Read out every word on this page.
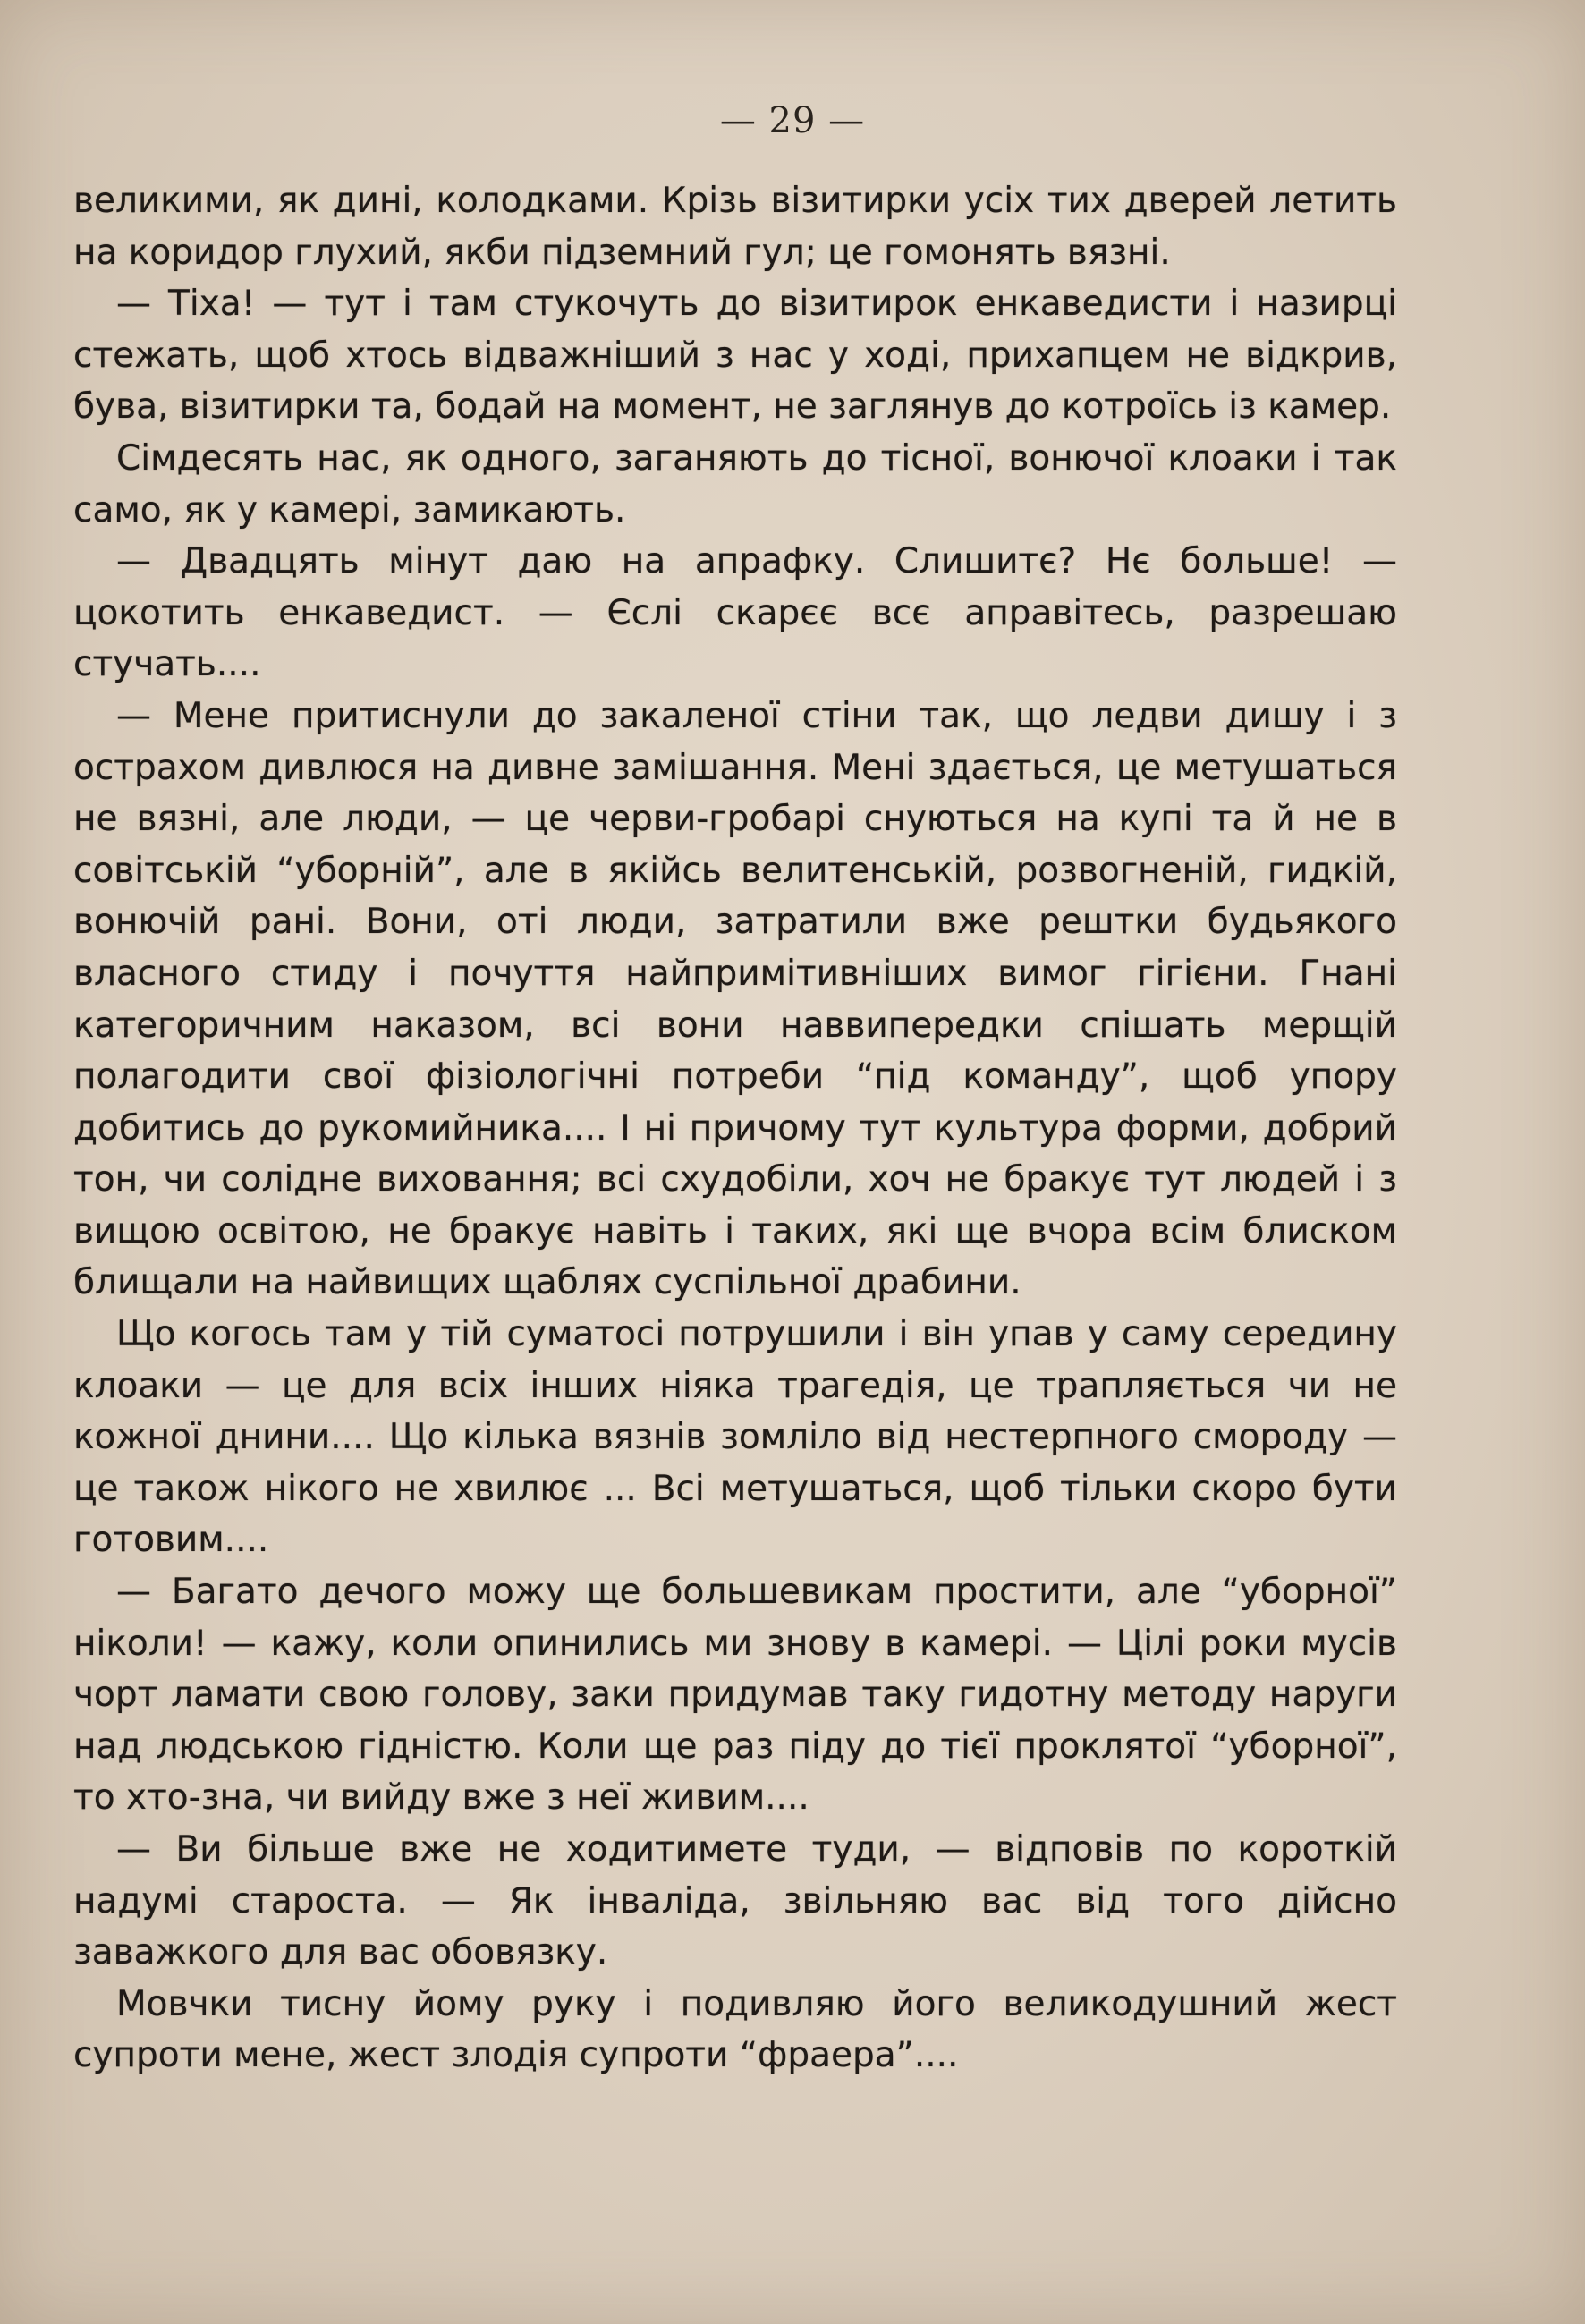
— 29 —

великими, як дині, колодками. Крізь візитирки усіх тих дверей летить на коридор глухий, якби підземний гул; це гомонять вязні.

— Тіха! — тут і там стукочуть до візитирок енкаведисти і назирці стежать, щоб хтось відважніший з нас у ході, прихапцем не відкрив, бува, візитирки та, бодай на момент, не заглянув до котроїсь із камер.

Сімдесять нас, як одного, заганяють до тісної, вонючої клоаки і так само, як у камері, замикають.

— Двадцять мінут даю на апрафку. Слишитє? Нє больше! — цокотить енкаведист. — Єслі скарєє всє аправітесь, разрешаю стучать....

— Мене притиснули до закаленої стіни так, що ледви дишу і з острахом дивлюся на дивне замішання. Мені здається, це метушаться не вязні, але люди, — це черви-гробарі снуються на купі та й не в совітській “уборній”, але в якійсь велитенській, розвогненій, гидкій, вонючій рані. Вони, оті люди, затратили вже рештки будьякого власного стиду і почуття найпримітивніших вимог гігієни. Гнані категоричним наказом, всі вони наввипередки спішать мерщій полагодити свої фізіологічні потреби “під команду”, щоб упору добитись до рукомийника.... І ні причому тут культура форми, добрий тон, чи солідне виховання; всі схудобіли, хоч не бракує тут людей і з вищою освітою, не бракує навіть і таких, які ще вчора всім блиском блищали на найвищих щаблях суспільної драбини.

Що когось там у тій суматосі потрушили і він упав у саму середину клоаки — це для всіх інших ніяка трагедія, це трапляється чи не кожної днини.... Що кілька вязнів зомліло від нестерпного смороду — це також нікого не хвилює ... Всі метушаться, щоб тільки скоро бути готовим....

— Багато дечого можу ще большевикам простити, але “уборної” ніколи! — кажу, коли опинились ми знову в камері. — Цілі роки мусів чорт ламати свою голову, заки придумав таку гидотну методу наруги над людською гідністю. Коли ще раз піду до тієї проклятої “уборної”, то хто-зна, чи вийду вже з неї живим....

— Ви більше вже не ходитимете туди, — відповів по короткій надумі староста. — Як інваліда, звільняю вас від того дійсно заважкого для вас обовязку.

Мовчки тисну йому руку і подивляю його великодушний жест супроти мене, жест злодія супроти “фраера”....
